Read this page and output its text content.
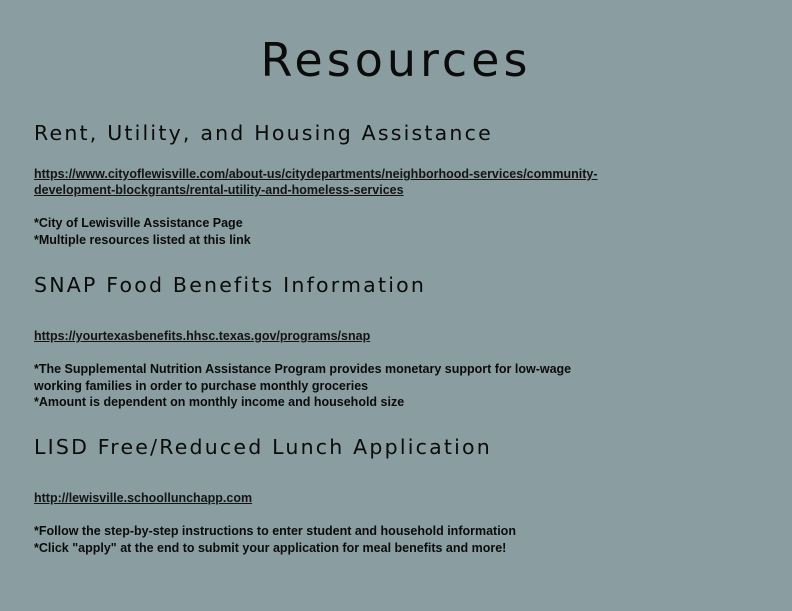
Resources
Rent, Utility, and Housing Assistance
https://www.cityoflewisville.com/about-us/citydepartments/neighborhood-services/community-development-blockgrants/rental-utility-and-homeless-services

*City of Lewisville Assistance Page

*Multiple resources listed at this link

SNAP Food Benefits Information
https://yourtexasbenefits.hhsc.texas.gov/programs/snap

*The Supplemental Nutrition Assistance Program provides monetary support for low-wage working families in order to purchase monthly groceries

*Amount is dependent on monthly income and household size

LISD Free/Reduced Lunch Application
http://lewisville.schoollunchapp.com

*Follow the step-by-step instructions to enter student and household information

*Click "apply" at the end to submit your application for meal benefits and more!
